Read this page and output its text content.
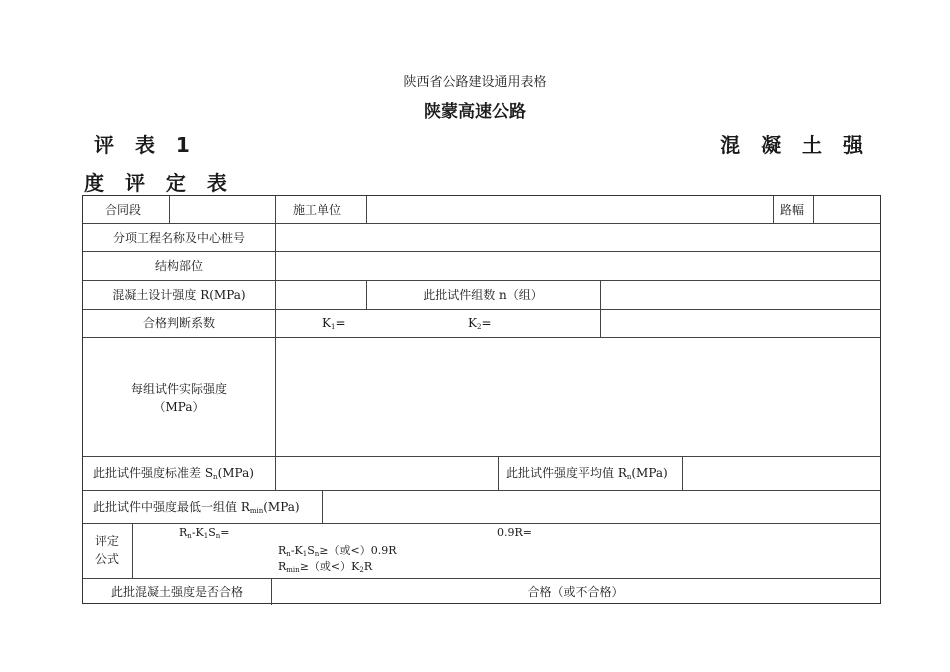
陕西省公路建设通用表格
陕蒙高速公路
评 表 1	混 凝 土 强
度 评 定 表
合同段	施工单位	路幅
分项工程名称及中心桩号
结构部位
混凝土设计强度 R(MPa)	此批试件组数 n（组）
合格判断系数	$K_1=$	$K_2=$
每组试件实际强度
（MPa）
此批试件强度标准差 $S_n(MPa)$	此批试件强度平均值 $R_n(MPa)$
此批试件中强度最低一组值 $R_{min}(MPa)$
评定
公式
$R_n-K_1S_n=$	0.9R=
$R_n-K_1S_n\ge$（或<）0.9R
$R_{min}\ge$（或$<)K_2R$
此批混凝土强度是否合格	合格（或不合格）
